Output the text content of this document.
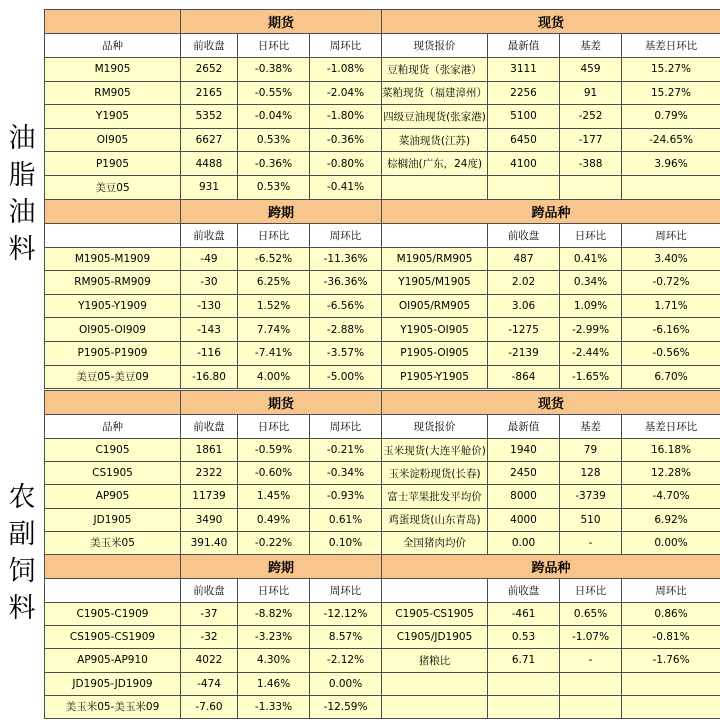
油脂油料
农副饲料
	期货			现货			
品种	前收盘	日环比	周环比	现货报价	最新值	基差	基差日环比
M1905	2652	-0.38%	-1.08%	豆粕现货（张家港）	3111	459	15.27%
RM905	2165	-0.55%	-2.04%	菜粕现货（福建漳州）	2256	91	15.27%
Y1905	5352	-0.04%	-1.80%	四级豆油现货(张家港)	5100	-252	0.79%
OI905	6627	0.53%	-0.36%	菜油现货(江苏)	6450	-177	-24.65%
P1905	4488	-0.36%	-0.80%	棕榈油(广东，24度)	4100	-388	3.96%
美豆05	931	0.53%	-0.41%				
	跨期			跨品种			
	前收盘	日环比	周环比		前收盘	日环比	周环比
M1905-M1909	-49	-6.52%	-11.36%	M1905/RM905	487	0.41%	3.40%
RM905-RM909	-30	6.25%	-36.36%	Y1905/M1905	2.02	0.34%	-0.72%
Y1905-Y1909	-130	1.52%	-6.56%	OI905/RM905	3.06	1.09%	1.71%
OI905-OI909	-143	7.74%	-2.88%	Y1905-OI905	-1275	-2.99%	-6.16%
P1905-P1909	-116	-7.41%	-3.57%	P1905-OI905	-2139	-2.44%	-0.56%
美豆05-美豆09	-16.80	4.00%	-5.00%	P1905-Y1905	-864	-1.65%	6.70%
	期货			现货			
品种	前收盘	日环比	周环比	现货报价	最新值	基差	基差日环比
C1905	1861	-0.59%	-0.21%	玉米现货(大连平舱价)	1940	79	16.18%
CS1905	2322	-0.60%	-0.34%	玉米淀粉现货(长春)	2450	128	12.28%
AP905	11739	1.45%	-0.93%	富士苹果批发平均价	8000	-3739	-4.70%
JD1905	3490	0.49%	0.61%	鸡蛋现货(山东青岛)	4000	510	6.92%
美玉米05	391.40	-0.22%	0.10%	全国猪肉均价	0.00	-	0.00%
	跨期			跨品种			
	前收盘	日环比	周环比		前收盘	日环比	周环比
C1905-C1909	-37	-8.82%	-12.12%	C1905-CS1905	-461	0.65%	0.86%
CS1905-CS1909	-32	-3.23%	8.57%	C1905/JD1905	0.53	-1.07%	-0.81%
AP905-AP910	4022	4.30%	-2.12%	猪粮比	6.71	-	-1.76%
JD1905-JD1909	-474	1.46%	0.00%				
美玉米05-美玉米09	-7.60	-1.33%	-12.59%				
